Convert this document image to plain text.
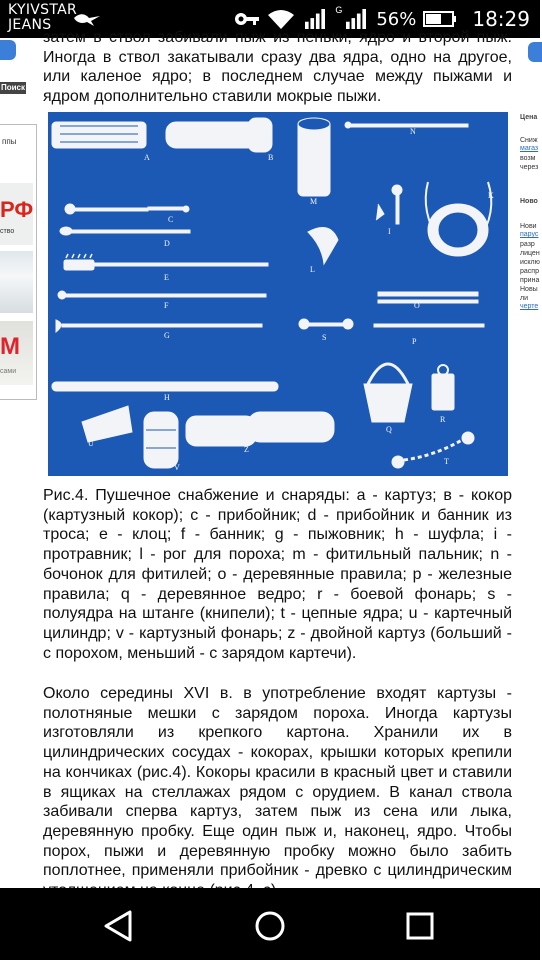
KYIVSTAR
JEANS
G 56%	18:29
Поиск
ппы
РФ
ство
М
сами
Цена
Сниж
магаз
возм
через
Ново
Нови
парус
разр
лицен
исклю
распр
прина
Новы
ли
черте

затем в ствол забивали пыж из пеньки, ядро и второй пыж. Иногда в ствол закатывали сразу два ядра, одно на другое, или каленое ядро; в последнем случае между пыжами и ядром дополнительно ставили мокрые пыжи.

A	B
C
D
E
F
G
H
I
K
L
M
N
O
P
Q
R
S
T
U
V
Z

Рис.4. Пушечное снабжение и снаряды: а - картуз; в - кокор (картузный кокор); с - прибойник; d - прибойник и банник из троса; е - клоц; f - банник; g - пыжовник; h - шуфла; i - протравник; l - рог для пороха; m - фитильный пальник; n - бочонок для фитилей; о - деревянные правила; р - железные правила; q - деревянное ведро; r - боевой фонарь; s - полуядра на штанге (книпели); t - цепные ядра; u - картечный цилиндр; v - картузный фонарь; z - двойной картуз (больший - с порохом, меньший - с зарядом картечи).

Около середины XVI в. в употребление входят картузы - полотняные мешки с зарядом пороха. Иногда картузы изготовляли из крепкого картона. Хранили их в цилиндрических сосудах - кокорах, крышки которых крепили на кончиках (рис.4). Кокоры красили в красный цвет и ставили в ящиках на стеллажах рядом с орудием. В канал ствола забивали сперва картуз, затем пыж из сена или лыка, деревянную пробку. Еще один пыж и, наконец, ядро. Чтобы порох, пыжи и деревянную пробку можно было забить поплотнее, применяли прибойник - древко с цилиндрическим
